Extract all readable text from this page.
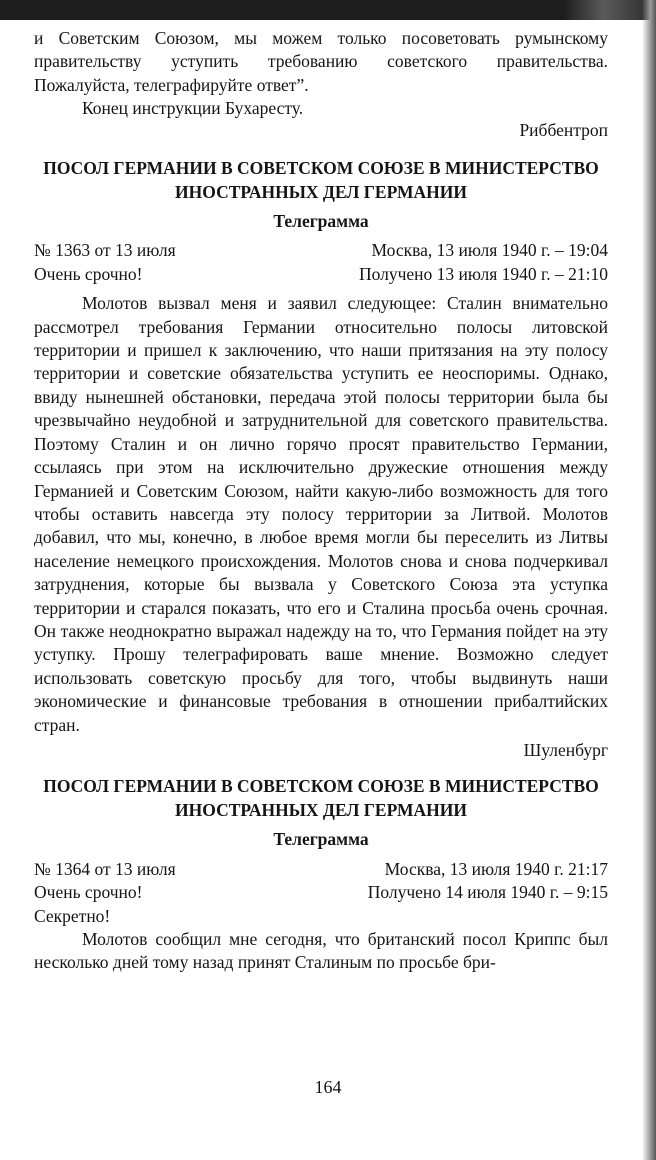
и Советским Союзом, мы можем только посоветовать румынскому

правительству уступить требованию советского правительства.

Пожалуйста, телеграфируйте ответ”.

Конец инструкции Бухаресту.

Риббентроп

ПОСОЛ ГЕРМАНИИ В СОВЕТСКОМ СОЮЗЕ В МИНИСТЕРСТВО
ИНОСТРАННЫХ ДЕЛ ГЕРМАНИИ

Телеграмма

№ 1363 от 13 июля	Москва, 13 июля 1940 г. – 19:04
Очень срочно!	Получено 13 июля 1940 г. – 21:10

Молотов вызвал меня и заявил следующее: Сталин внимательно рассмотрел требования Германии относительно полосы литовской территории и пришел к заключению, что наши притязания на эту полосу территории и советские обязательства уступить ее неоспоримы. Однако, ввиду нынешней обстановки, передача этой полосы территории была бы чрезвычайно неудобной и затруднительной для советского правительства. Поэтому Сталин и он лично горячо просят правительство Германии, ссылаясь при этом на исключительно дружеские отношения между Германией и Советским Союзом, найти какую-либо возможность для того чтобы оставить навсегда эту полосу территории за Литвой. Молотов добавил, что мы, конечно, в любое время могли бы переселить из Литвы население немецкого происхождения. Молотов снова и снова подчеркивал затруднения, которые бы вызвала у Советского Союза эта уступка территории и старался показать, что его и Сталина просьба очень срочная. Он также неоднократно выражал надежду на то, что Германия пойдет на эту уступку. Прошу телеграфировать ваше мнение. Возможно следует использовать советскую просьбу для того, чтобы выдвинуть наши экономические и финансовые требования в отношении прибалтийских стран.

Шуленбург

ПОСОЛ ГЕРМАНИИ В СОВЕТСКОМ СОЮЗЕ В МИНИСТЕРСТВО
ИНОСТРАННЫХ ДЕЛ ГЕРМАНИИ

Телеграмма

№ 1364 от 13 июля	Москва, 13 июля 1940 г. 21:17
Очень срочно!	Получено 14 июля 1940 г. – 9:15

Секретно!

Молотов сообщил мне сегодня, что британский посол Криппс был несколько дней тому назад принят Сталиным по просьбе бри-

164
